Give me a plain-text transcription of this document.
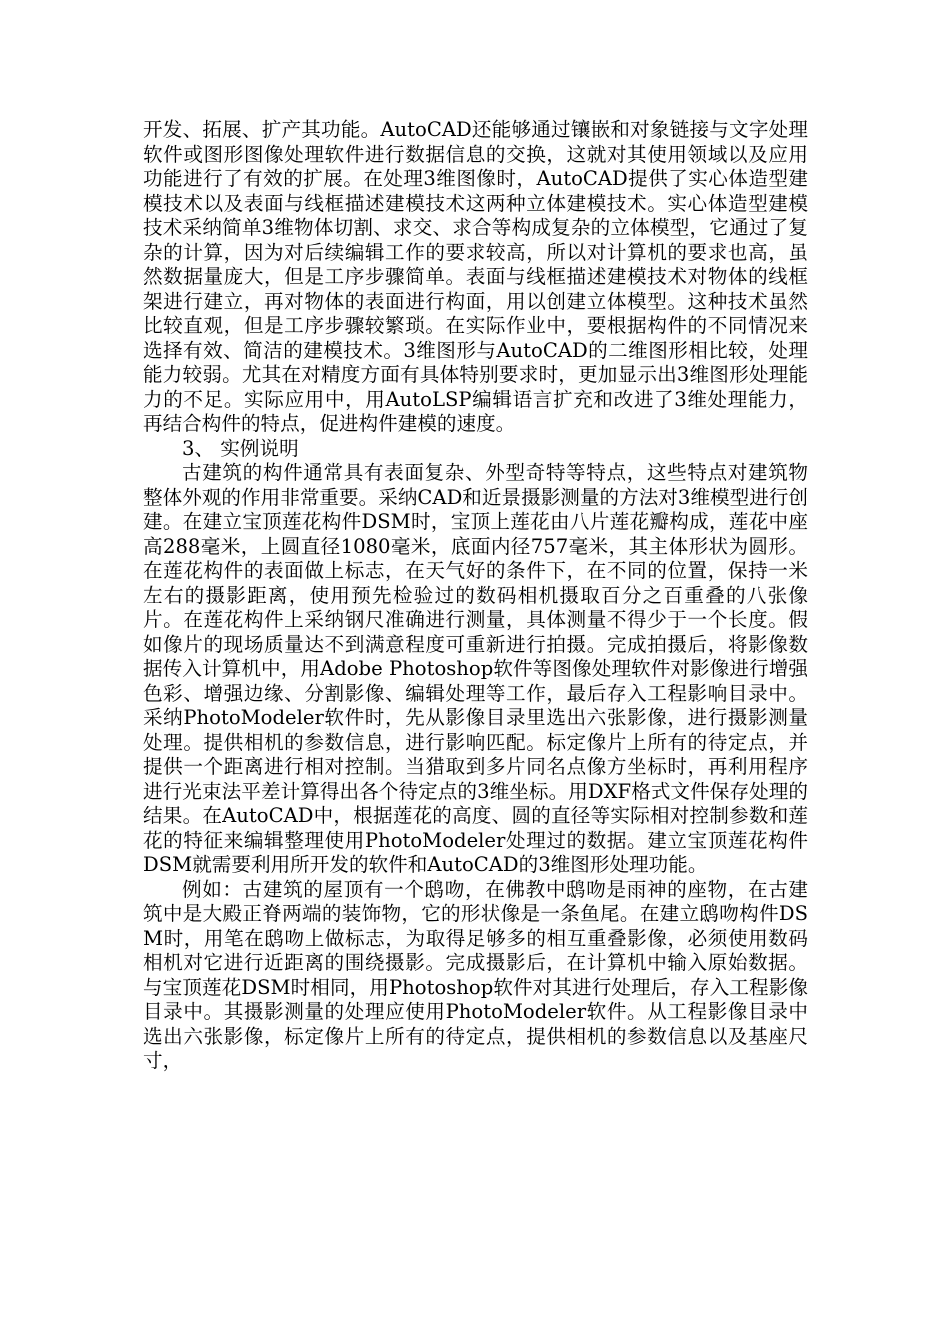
开发、拓展、扩产其功能。AutoCAD还能够通过镶嵌和对象链接与文字处理软件或图形图像处理软件进行数据信息的交换，这就对其使用领域以及应用功能进行了有效的扩展。在处理3维图像时，AutoCAD提供了实心体造型建模技术以及表面与线框描述建模技术这两种立体建模技术。实心体造型建模技术采纳简单3维物体切割、求交、求合等构成复杂的立体模型，它通过了复杂的计算，因为对后续编辑工作的要求较高，所以对计算机的要求也高，虽然数据量庞大，但是工序步骤简单。表面与线框描述建模技术对物体的线框架进行建立，再对物体的表面进行构面，用以创建立体模型。这种技术虽然比较直观，但是工序步骤较繁琐。在实际作业中，要根据构件的不同情况来选择有效、简洁的建模技术。3维图形与AutoCAD的二维图形相比较，处理能力较弱。尤其在对精度方面有具体特别要求时，更加显示出3维图形处理能力的不足。实际应用中，用AutoLSP编辑语言扩充和改进了3维处理能力，再结合构件的特点，促进构件建模的速度。

3、 实例说明

古建筑的构件通常具有表面复杂、外型奇特等特点，这些特点对建筑物整体外观的作用非常重要。采纳CAD和近景摄影测量的方法对3维模型进行创建。在建立宝顶莲花构件DSM时，宝顶上莲花由八片莲花瓣构成，莲花中座高288毫米，上圆直径1080毫米，底面内径757毫米，其主体形状为圆形。在莲花构件的表面做上标志，在天气好的条件下，在不同的位置，保持一米左右的摄影距离，使用预先检验过的数码相机摄取百分之百重叠的八张像片。在莲花构件上采纳钢尺准确进行测量，具体测量不得少于一个长度。假如像片的现场质量达不到满意程度可重新进行拍摄。完成拍摄后，将影像数据传入计算机中，用Adobe Photoshop软件等图像处理软件对影像进行增强色彩、增强边缘、分割影像、编辑处理等工作，最后存入工程影响目录中。采纳PhotoModeler软件时，先从影像目录里选出六张影像，进行摄影测量处理。提供相机的参数信息，进行影响匹配。标定像片上所有的待定点，并提供一个距离进行相对控制。当猎取到多片同名点像方坐标时，再利用程序进行光束法平差计算得出各个待定点的3维坐标。用DXF格式文件保存处理的结果。在AutoCAD中，根据莲花的高度、圆的直径等实际相对控制参数和莲花的特征来编辑整理使用PhotoModeler处理过的数据。建立宝顶莲花构件DSM就需要利用所开发的软件和AutoCAD的3维图形处理功能。

例如：古建筑的屋顶有一个鸱吻，在佛教中鸱吻是雨神的座物，在古建筑中是大殿正脊两端的装饰物，它的形状像是一条鱼尾。在建立鸱吻构件DSM时，用笔在鸱吻上做标志，为取得足够多的相互重叠影像，必须使用数码相机对它进行近距离的围绕摄影。完成摄影后，在计算机中输入原始数据。与宝顶莲花DSM时相同，用Photoshop软件对其进行处理后，存入工程影像目录中。其摄影测量的处理应使用PhotoModeler软件。从工程影像目录中选出六张影像，标定像片上所有的待定点，提供相机的参数信息以及基座尺寸，
